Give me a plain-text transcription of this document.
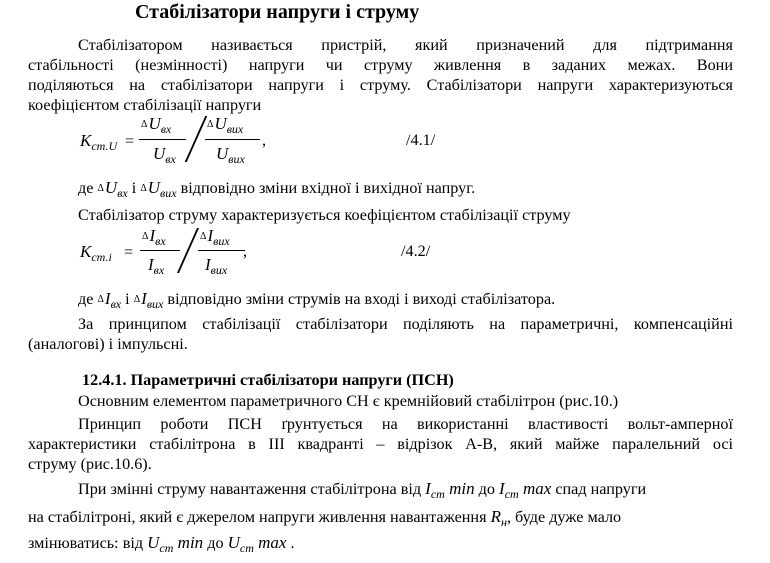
Стабілізатори напруги і струму
Стабілізатором називається пристрій, який призначений для підтримання
стабільності (незмінності) напруги чи струму живлення в заданих межах. Вони
поділяються на стабілізатори напруги і струму. Стабілізатори напруги характеризуються
коефіцієнтом стабілізації напруги
$K_{ст.U}$ =
$\Delta U_{вх}$
$U_{вх}$
$\Delta U_{вих}$
$U_{вих}$
,	/4.1/
де $\Delta U_{вх}$ і $\Delta U_{вих}$ відповідно зміни вхідної і вихідної напруг.
Стабілізатор струму характеризується коефіцієнтом стабілізації струму
$K_{ст.i}$ =
$\Delta I_{вх}$
$I_{вх}$
$\Delta I_{вих}$
$I_{вих}$
,	/4.2/
де $\Delta I_{вх}$ і $\Delta I_{вих}$ відповідно зміни струмів на вході і виході стабілізатора.
За принципом стабілізації стабілізатори поділяють на параметричні, компенсаційні
(аналогові) і імпульсні.
12.4.1. Параметричні стабілізатори напруги (ПСН)
Основним елементом параметричного СН є кремнійовий стабілітрон (рис.10.)
Принцип роботи ПСН ґрунтується на використанні властивості вольт-амперної
характеристики стабілітрона в ІІІ квадранті – відрізок А-В, який майже паралельний осі
струму (рис.10.6).
При змінні струму навантаження стабілітрона від $I_{ст}$ min до $I_{ст}$ max спад напруги
на стабілітроні, який є джерелом напруги живлення навантаження $R_н$, буде дуже мало
змінюватись: від $U_{ст}$ min до $U_{ст}$ max .
